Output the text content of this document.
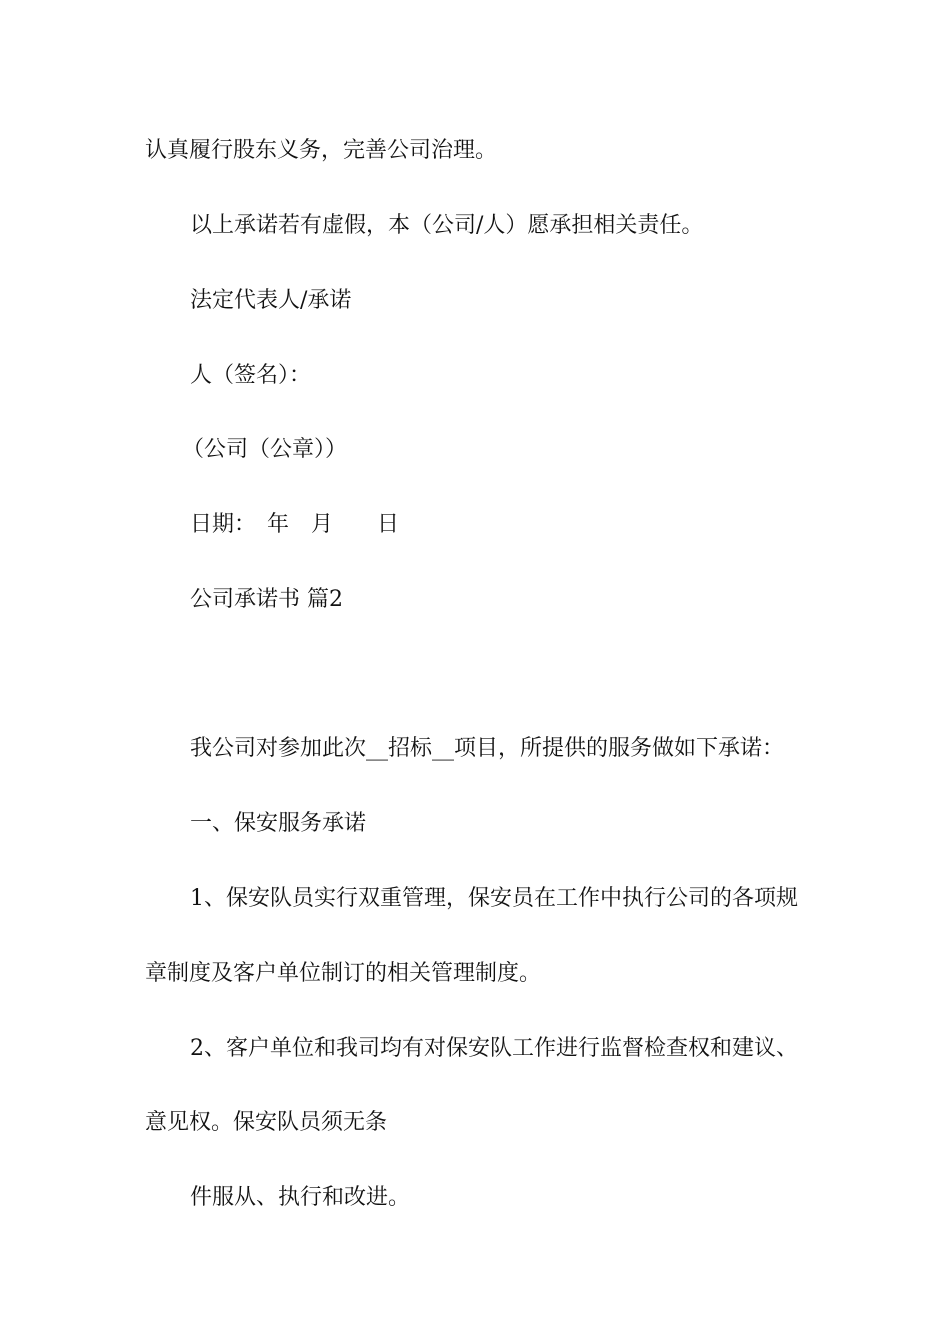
认真履行股东义务，完善公司治理。
以上承诺若有虚假，本（公司/人）愿承担相关责任。
法定代表人/承诺
人（签名）：
（公司（公章））
日期：　年　月　　日
公司承诺书 篇2
我公司对参加此次__招标__项目，所提供的服务做如下承诺：
一、保安服务承诺
1、保安队员实行双重管理，保安员在工作中执行公司的各项规
章制度及客户单位制订的相关管理制度。
2、客户单位和我司均有对保安队工作进行监督检查权和建议、
意见权。保安队员须无条
件服从、执行和改进。
